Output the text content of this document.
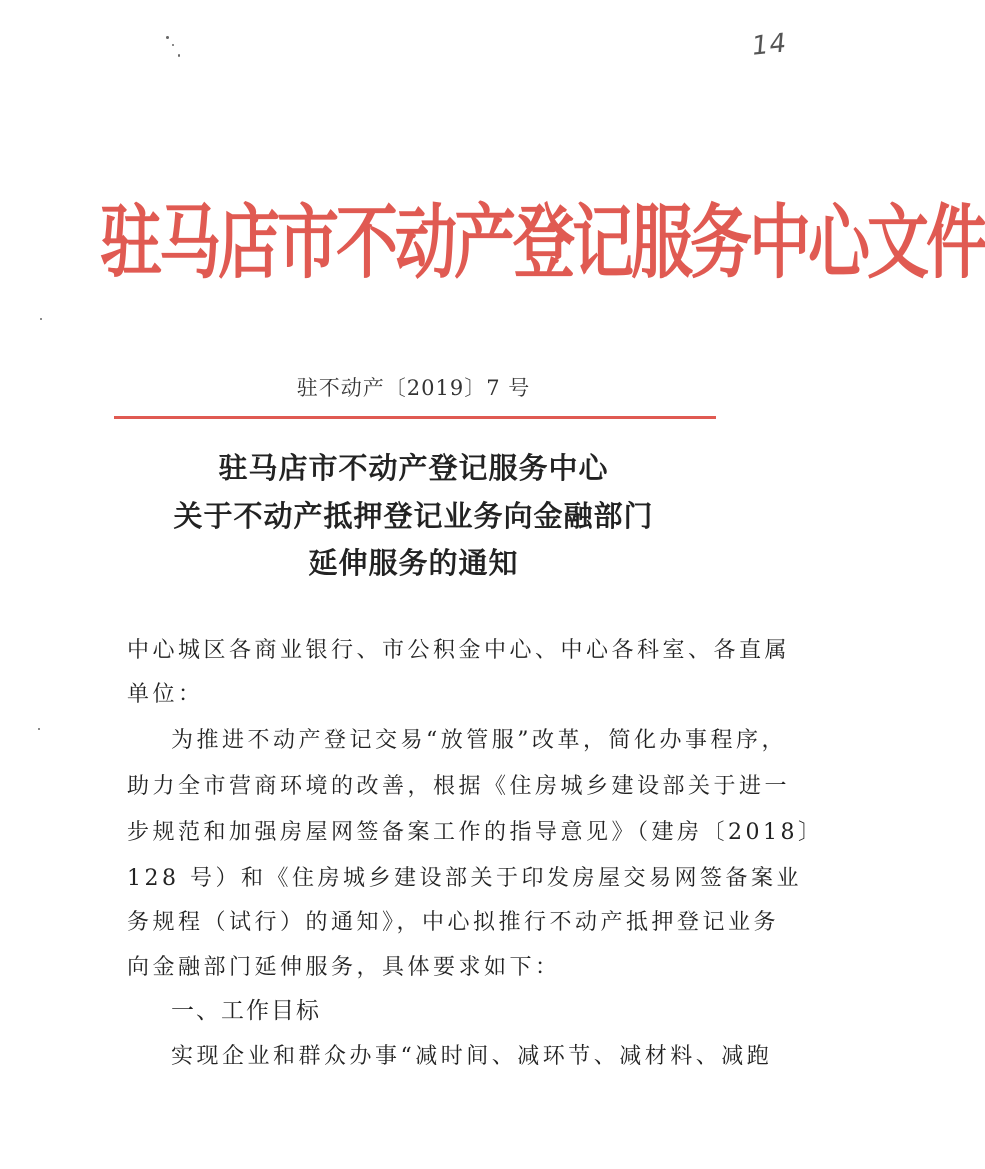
14
驻马店市不动产登记服务中心文件
驻不动产〔2019〕7 号
驻马店市不动产登记服务中心
关于不动产抵押登记业务向金融部门
延伸服务的通知
中心城区各商业银行、市公积金中心、中心各科室、各直属
单位：
为推进不动产登记交易“放管服”改革，简化办事程序，
助力全市营商环境的改善，根据《住房城乡建设部关于进一
步规范和加强房屋网签备案工作的指导意见》（建房〔2018〕
128 号）和《住房城乡建设部关于印发房屋交易网签备案业
务规程（试行）的通知》，中心拟推行不动产抵押登记业务
向金融部门延伸服务，具体要求如下：
一、工作目标
实现企业和群众办事“减时间、减环节、减材料、减跑
